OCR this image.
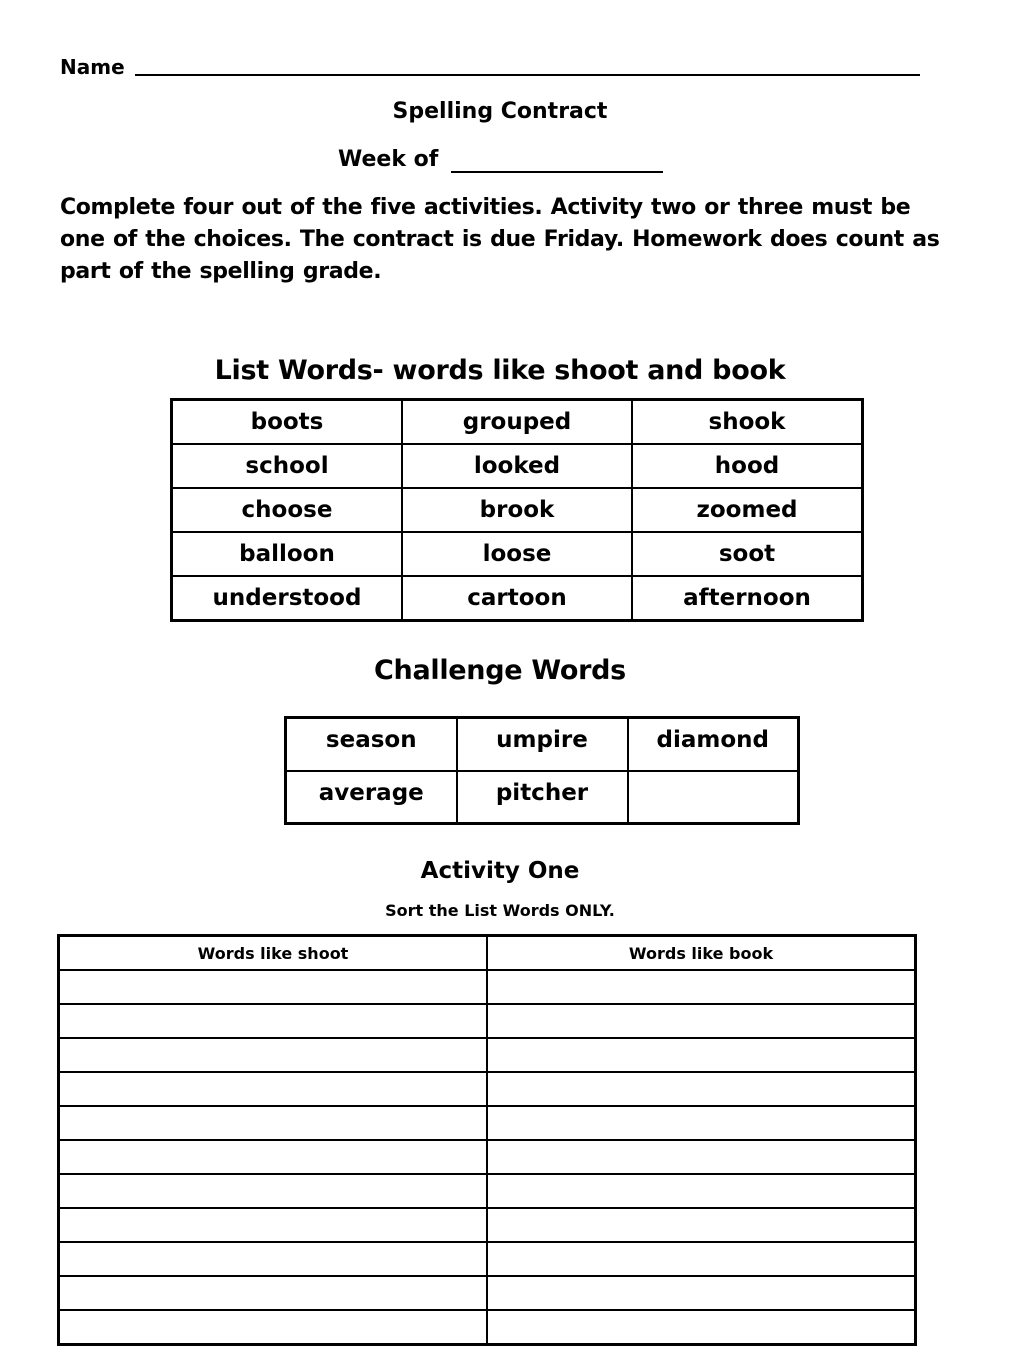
Name
Spelling Contract
Week of
Complete four out of the five activities. Activity two or three must be one of the choices. The contract is due Friday. Homework does count as part of the spelling grade.
List Words- words like shoot and book
boots	grouped	shook
school	looked	hood
choose	brook	zoomed
balloon	loose	soot
understood	cartoon	afternoon
Challenge Words
season	umpire	diamond
average	pitcher	
Activity One
Sort the List Words ONLY.
Words like shoot	Words like book
